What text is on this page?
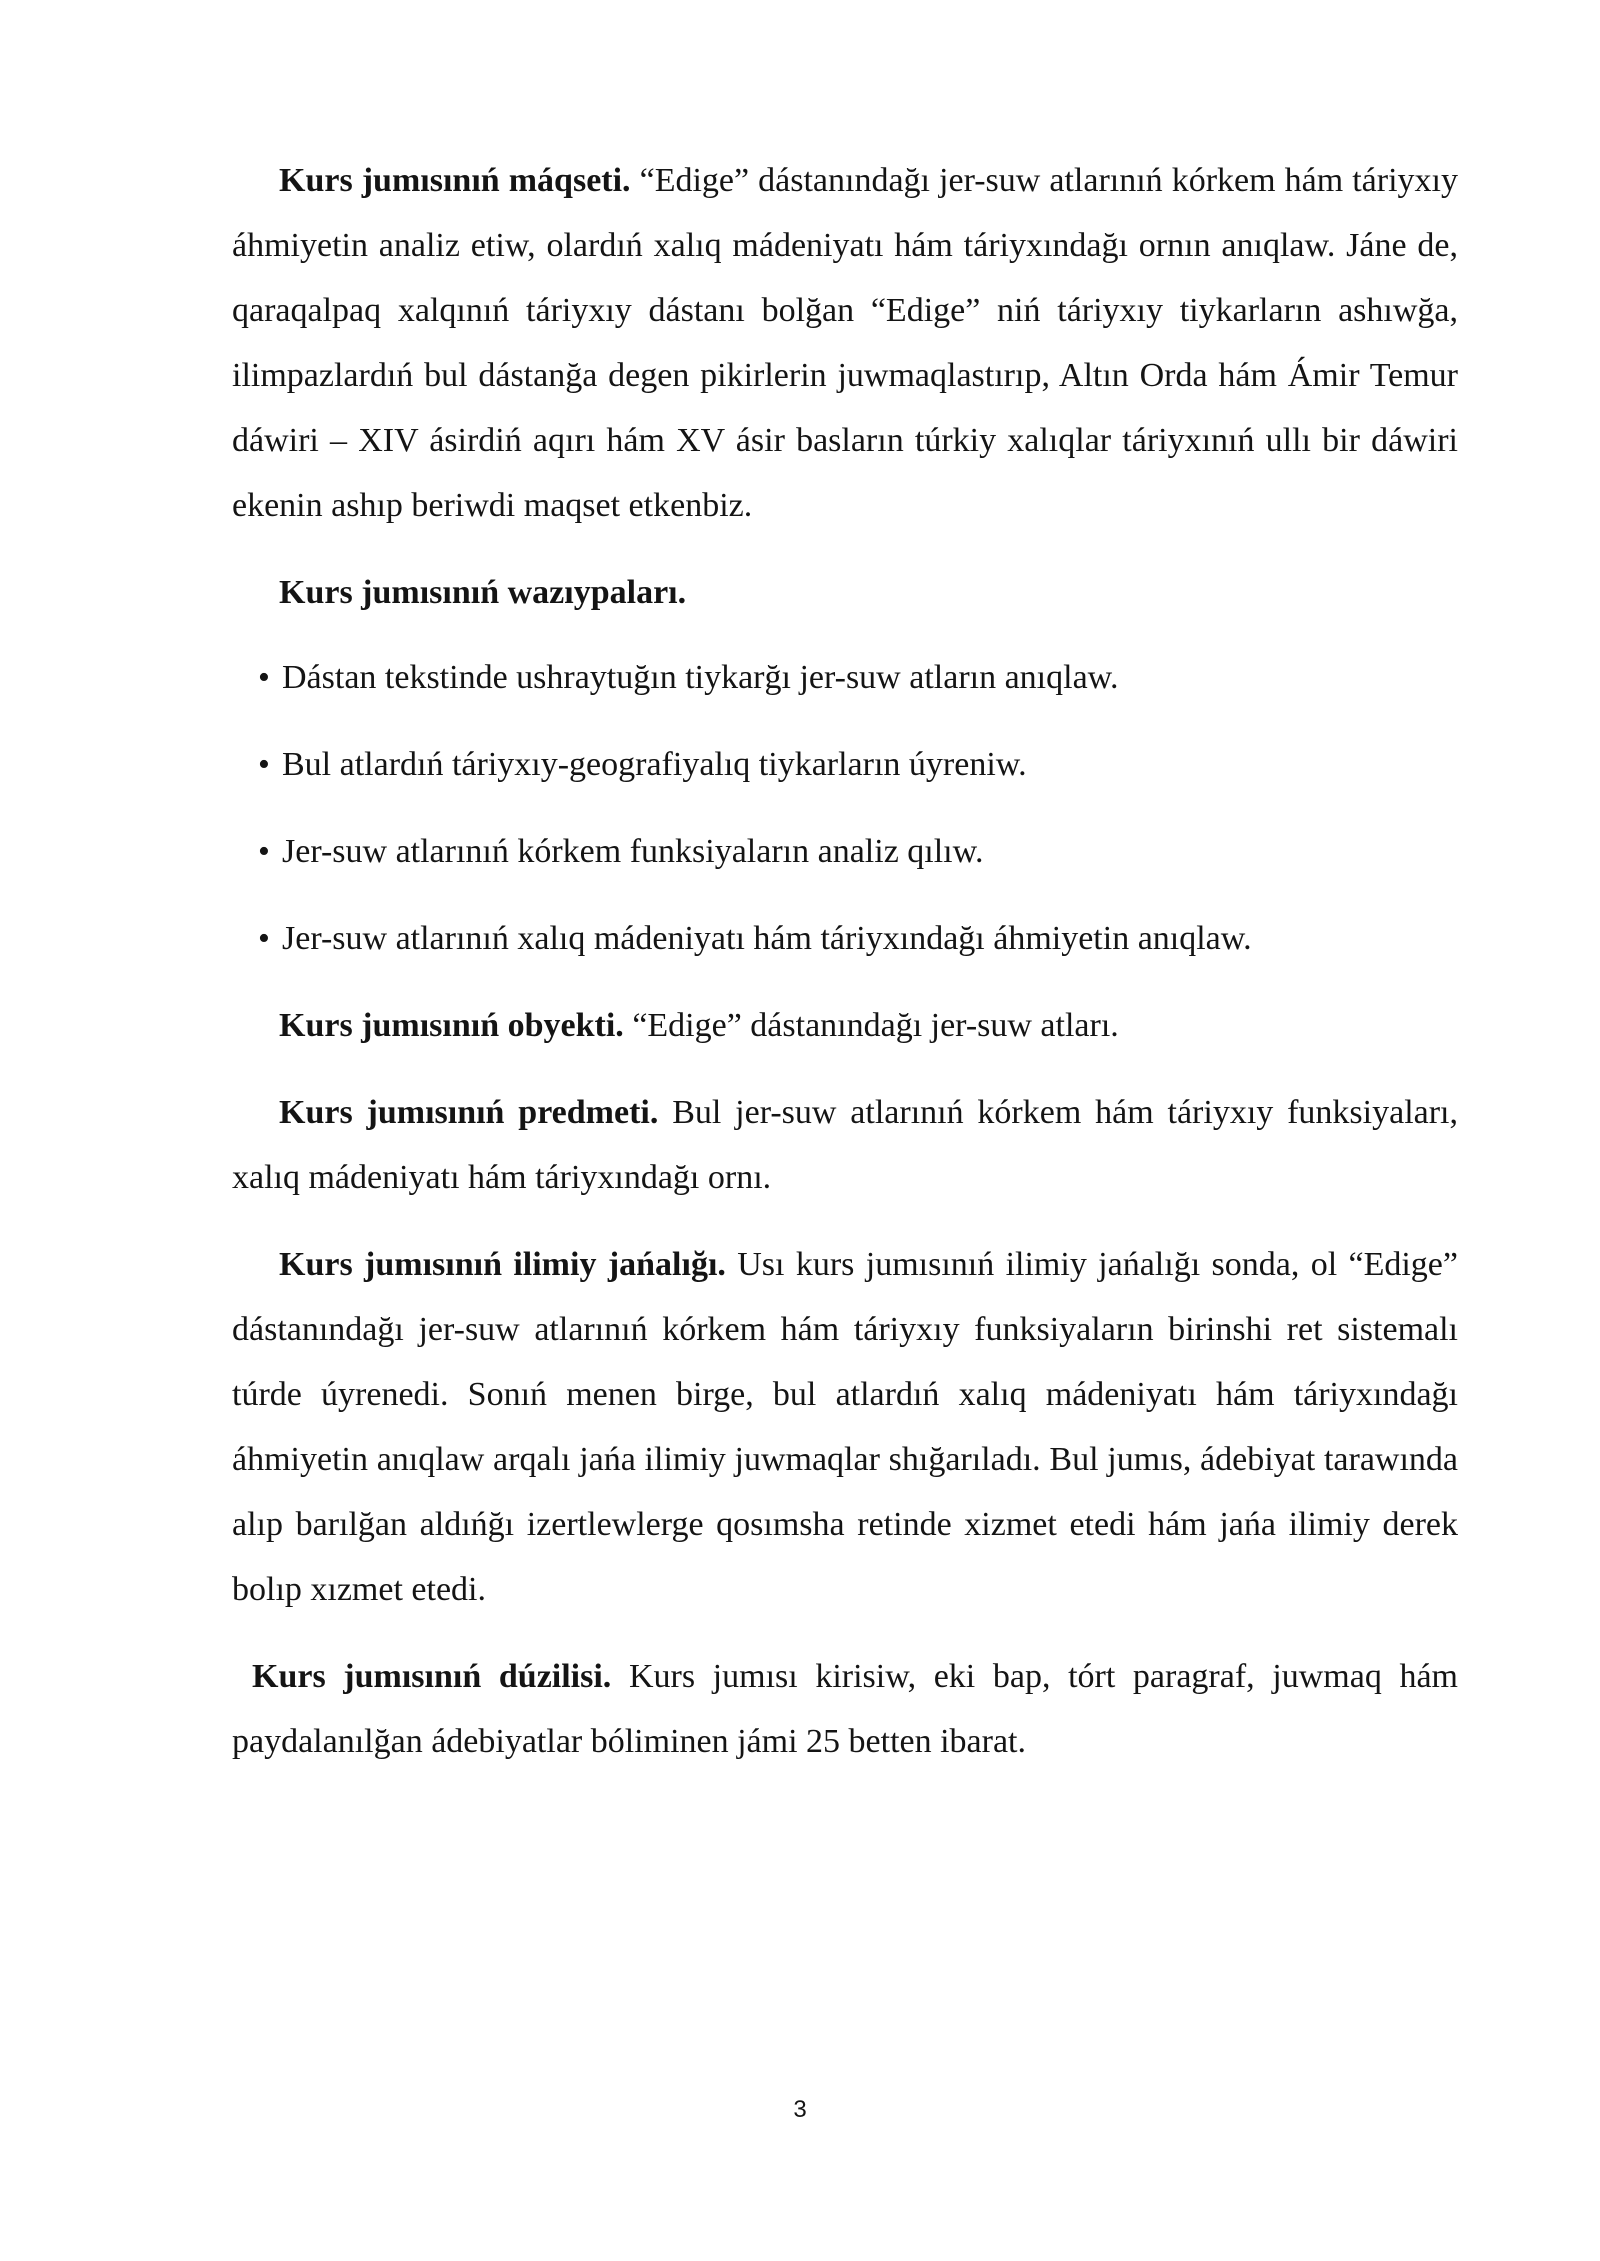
Kurs jumısınıń máqseti. “Edige” dástanındağı jer-suw atlarınıń kórkem hám táriyxıy áhmiyetin analiz etiw, olardıń xalıq mádeniyatı hám táriyxındağı ornın anıqlaw. Jáne de, qaraqalpaq xalqınıń táriyxıy dástanı bolğan “Edige” niń táriyxıy tiykarların ashıwğa, ilimpazlardıń bul dástanğa degen pikirlerin juwmaqlastırıp, Altın Orda hám Ámir Temur dáwiri – XIV ásirdiń aqırı hám XV ásir basların túrkiy xalıqlar táriyxınıń ullı bir dáwiri ekenin ashıp beriwdi maqset etkenbiz.

Kurs jumısınıń wazıypaları.

• Dástan tekstinde ushraytuğın tiykarğı jer-suw atların anıqlaw.
• Bul atlardıń táriyxıy-geografiyalıq tiykarların úyreniw.
• Jer-suw atlarınıń kórkem funksiyaların analiz qılıw.
• Jer-suw atlarınıń xalıq mádeniyatı hám táriyxındağı áhmiyetin anıqlaw.

Kurs jumısınıń obyekti. “Edige” dástanındağı jer-suw atları.

Kurs jumısınıń predmeti. Bul jer-suw atlarınıń kórkem hám táriyxıy funksiyaları, xalıq mádeniyatı hám táriyxındağı ornı.

Kurs jumısınıń ilimiy jańalığı. Usı kurs jumısınıń ilimiy jańalığı sonda, ol “Edige” dástanındağı jer-suw atlarınıń kórkem hám táriyxıy funksiyaların birinshi ret sistemalı túrde úyrenedi. Sonıń menen birge, bul atlardıń xalıq mádeniyatı hám táriyxındağı áhmiyetin anıqlaw arqalı jańa ilimiy juwmaqlar shığarıladı. Bul jumıs, ádebiyat tarawında alıp barılğan aldıńğı izertlewlerge qosımsha retinde xizmet etedi hám jańa ilimiy derek bolıp xızmet etedi.

Kurs jumısınıń dúzilisi. Kurs jumısı kirisiw, eki bap, tórt paragraf, juwmaq hám paydalanılğan ádebiyatlar bóliminen jámi 25 betten ibarat.

3
